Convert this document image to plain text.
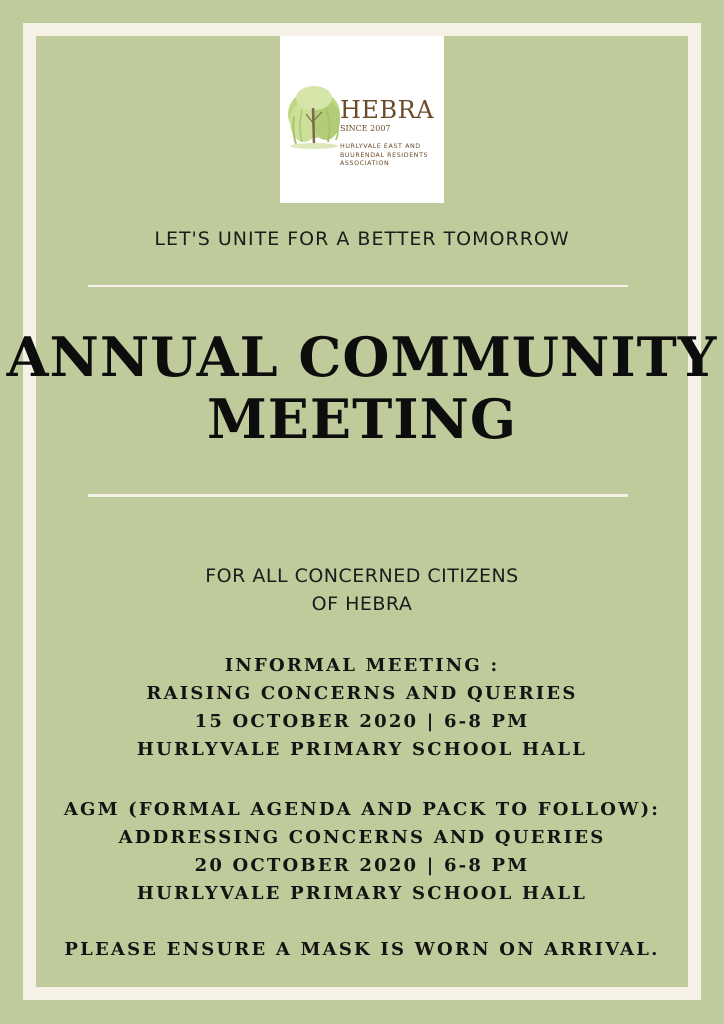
HEBRA
SINCE 2007
HURLYVALE EAST AND BUURENDAL RESIDENTS ASSOCIATION
LET'S UNITE FOR A BETTER TOMORROW
ANNUAL COMMUNITY
MEETING
FOR ALL CONCERNED CITIZENS
OF HEBRA
INFORMAL MEETING :
RAISING CONCERNS AND QUERIES
15 OCTOBER 2020 | 6-8 PM
HURLYVALE PRIMARY SCHOOL HALL
AGM (FORMAL AGENDA AND PACK TO FOLLOW):
ADDRESSING CONCERNS AND QUERIES
20 OCTOBER 2020 | 6-8 PM
HURLYVALE PRIMARY SCHOOL HALL
PLEASE ENSURE A MASK IS WORN ON ARRIVAL.
